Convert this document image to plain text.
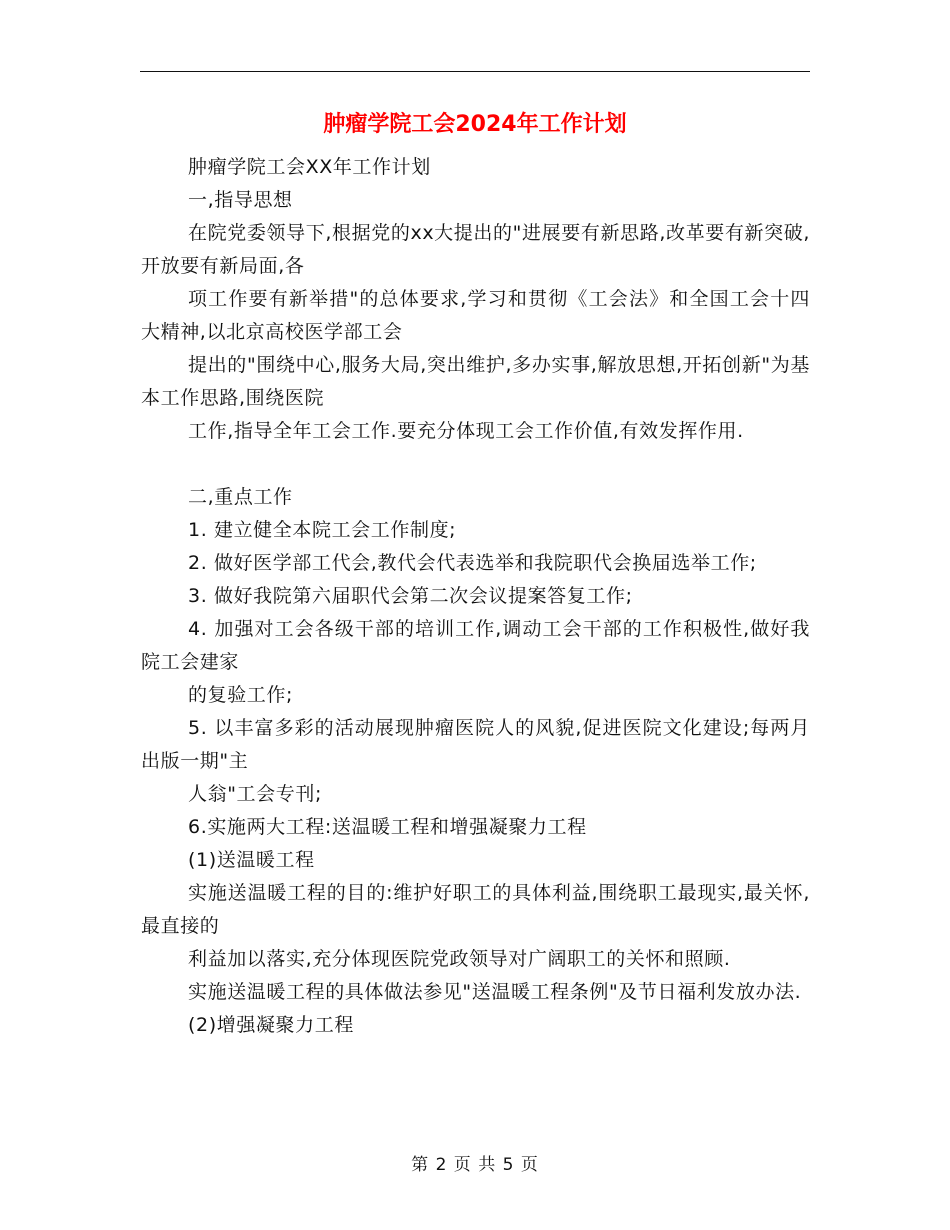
肿瘤学院工会2024年工作计划

肿瘤学院工会XX年工作计划

一,指导思想

在院党委领导下,根据党的xx大提出的"进展要有新思路,改革要有新突破,开放要有新局面,各

项工作要有新举措"的总体要求,学习和贯彻《工会法》和全国工会十四大精神,以北京高校医学部工会

提出的"围绕中心,服务大局,突出维护,多办实事,解放思想,开拓创新"为基本工作思路,围绕医院

工作,指导全年工会工作.要充分体现工会工作价值,有效发挥作用.

二,重点工作

1. 建立健全本院工会工作制度;

2. 做好医学部工代会,教代会代表选举和我院职代会换届选举工作;

3. 做好我院第六届职代会第二次会议提案答复工作;

4. 加强对工会各级干部的培训工作,调动工会干部的工作积极性,做好我院工会建家

的复验工作;

5. 以丰富多彩的活动展现肿瘤医院人的风貌,促进医院文化建设;每两月出版一期"主

人翁"工会专刊;

6.实施两大工程:送温暖工程和增强凝聚力工程

(1)送温暖工程

实施送温暖工程的目的:维护好职工的具体利益,围绕职工最现实,最关怀,最直接的

利益加以落实,充分体现医院党政领导对广阔职工的关怀和照顾.

实施送温暖工程的具体做法参见"送温暖工程条例"及节日福利发放办法.

(2)增强凝聚力工程

第 2 页 共 5 页
